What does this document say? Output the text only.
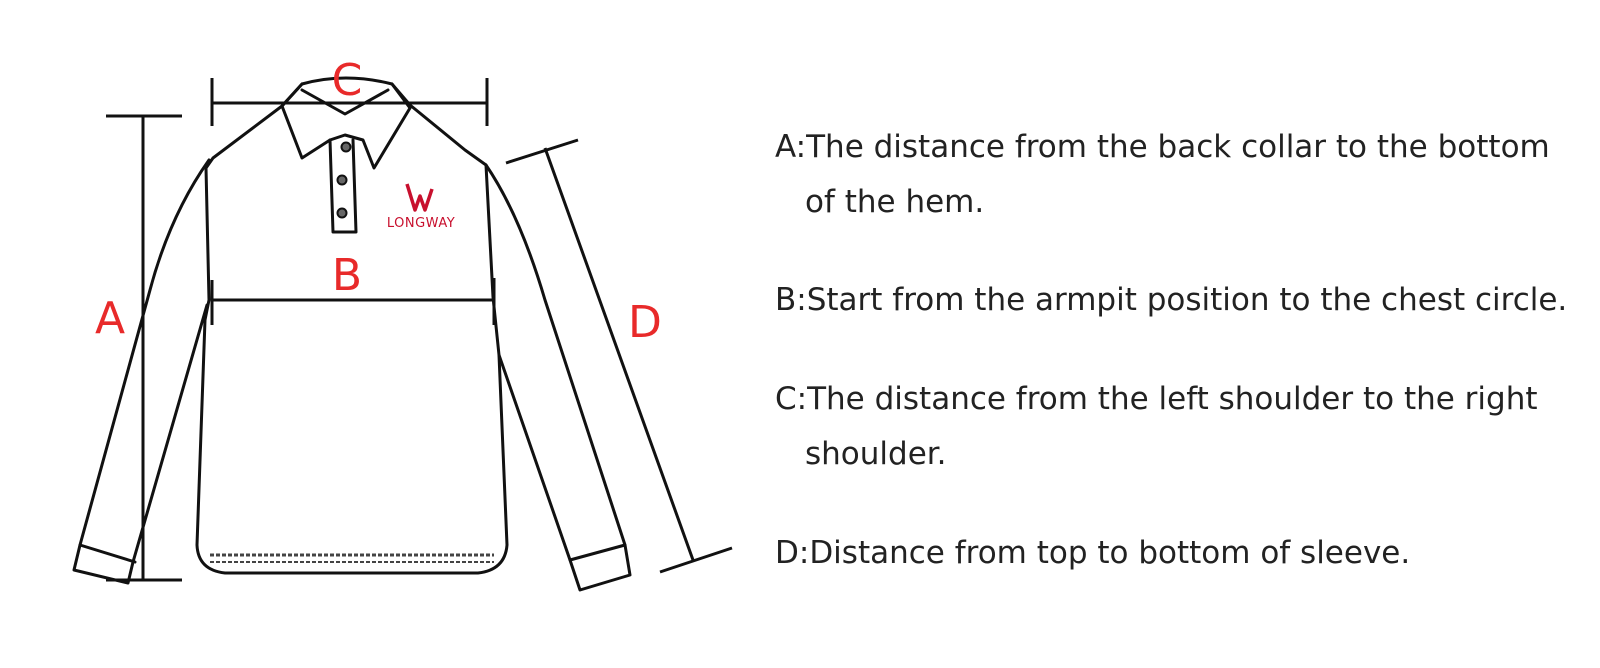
LONGWAY
C
B
A	D

A:The distance from the back collar to the bottom
of the hem.

B:Start from the armpit position to the chest circle.

C:The distance from the left shoulder to the right
shoulder.

D:Distance from top to bottom of sleeve.
